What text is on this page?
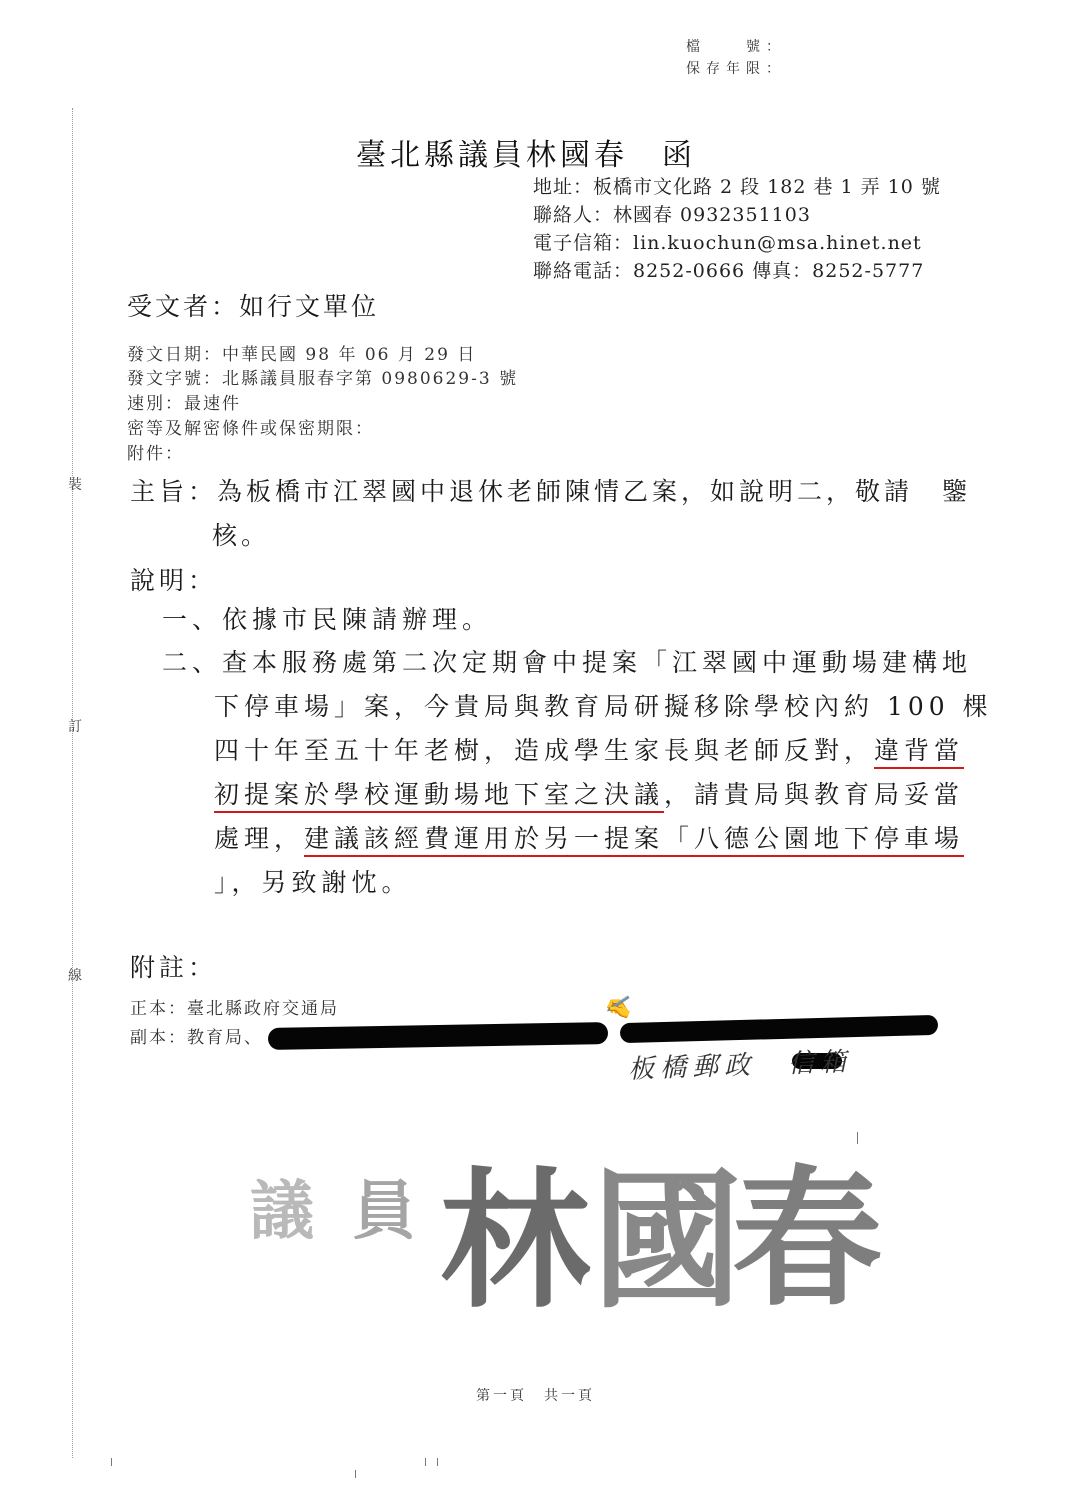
裝
訂
線
檔　　號：
保存年限：
臺北縣議員林國春　函
地址：板橋市文化路 2 段 182 巷 1 弄 10 號
聯絡人：林國春 0932351103
電子信箱：lin.kuochun@msa.hinet.net
聯絡電話：8252-0666 傳真：8252-5777
受文者：如行文單位
發文日期：中華民國 98 年 06 月 29 日
發文字號：北縣議員服春字第 0980629-3 號
速別：最速件
密等及解密條件或保密期限：
附件：
主旨：為板橋市江翠國中退休老師陳情乙案，如說明二，敬請　鑒
核。
說明：
一、依據市民陳請辦理。
二、查本服務處第二次定期會中提案「江翠國中運動場建構地
下停車場」案，今貴局與教育局研擬移除學校內約 100 棵
四十年至五十年老樹，造成學生家長與老師反對，違背當
初提案於學校運動場地下室之決議，請貴局與教育局妥當
處理，建議該經費運用於另一提案「八德公園地下停車場
」，另致謝忱。
附註：
正本：臺北縣政府交通局
副本：教育局、
✍
板橋郵政　信箱
議 員 林 國
春
第一頁　共一頁
